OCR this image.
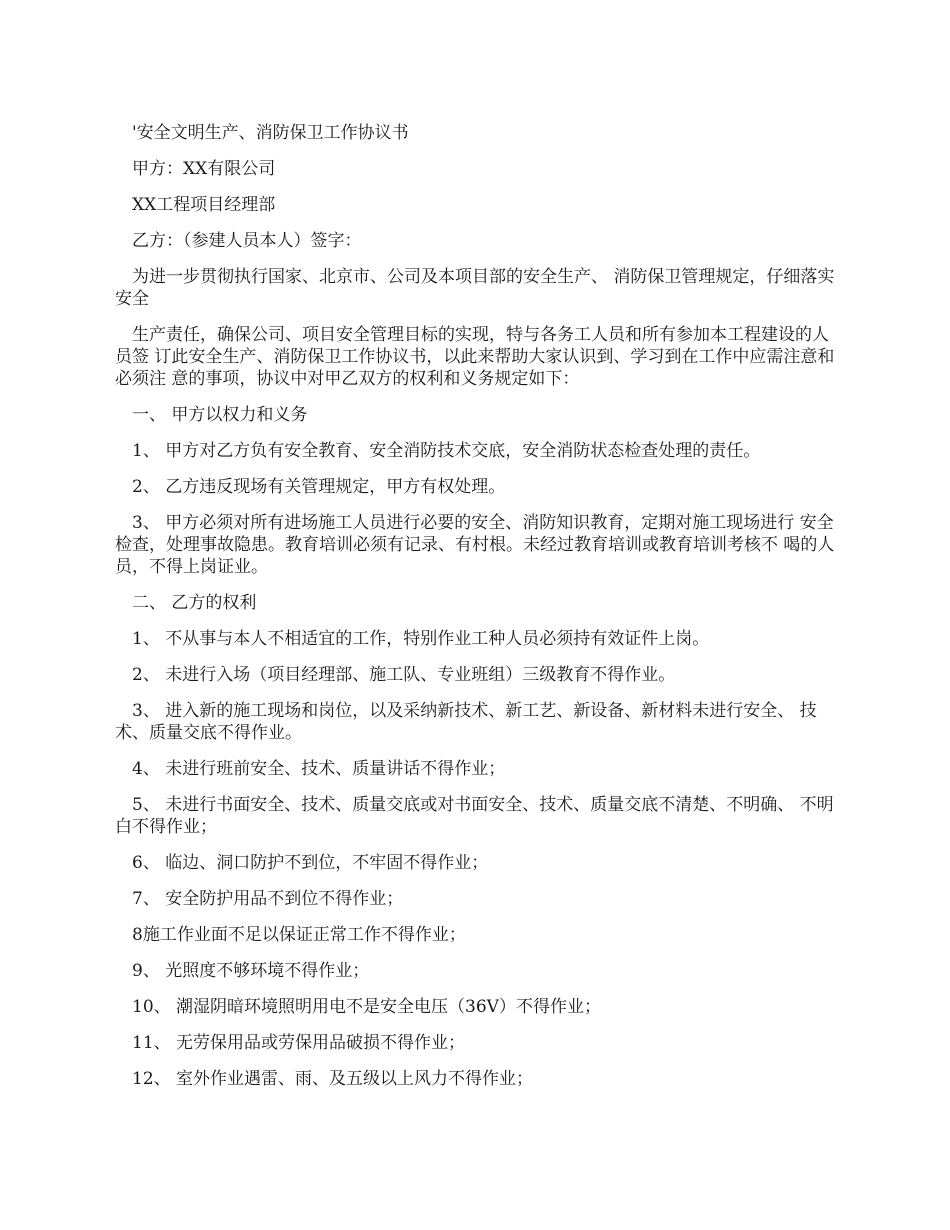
'安全文明生产、消防保卫工作协议书

甲方：XX有限公司

XX工程项目经理部

乙方：（参建人员本人）签字：

为进一步贯彻执行国家、北京市、公司及本项目部的安全生产、 消防保卫管理规定，仔细落实安全

生产责任，确保公司、项目安全管理目标的实现，特与各务工人员和所有参加本工程建设的人员签 订此安全生产、消防保卫工作协议书，以此来帮助大家认识到、学习到在工作中应需注意和必须注 意的事项，协议中对甲乙双方的权利和义务规定如下：

一、 甲方以权力和义务

1、 甲方对乙方负有安全教育、安全消防技术交底，安全消防状态检查处理的责任。

2、 乙方违反现场有关管理规定，甲方有权处理。

3、 甲方必须对所有进场施工人员进行必要的安全、消防知识教育，定期对施工现场进行 安全检查，处理事故隐患。教育培训必须有记录、有村根。未经过教育培训或教育培训考核不 喝的人员，不得上岗证业。

二、 乙方的权利

1、 不从事与本人不相适宜的工作，特别作业工种人员必须持有效证件上岗。

2、 未进行入场（项目经理部、施工队、专业班组）三级教育不得作业。

3、 进入新的施工现场和岗位，以及采纳新技术、新工艺、新设备、新材料未进行安全、 技术、质量交底不得作业。

4、 未进行班前安全、技术、质量讲话不得作业；

5、 未进行书面安全、技术、质量交底或对书面安全、技术、质量交底不清楚、不明确、 不明白不得作业；

6、 临边、洞口防护不到位，不牢固不得作业；

7、 安全防护用品不到位不得作业；

8施工作业面不足以保证正常工作不得作业；

9、 光照度不够环境不得作业；

10、 潮湿阴暗环境照明用电不是安全电压（36V）不得作业；

11、 无劳保用品或劳保用品破损不得作业；

12、 室外作业遇雷、雨、及五级以上风力不得作业；
